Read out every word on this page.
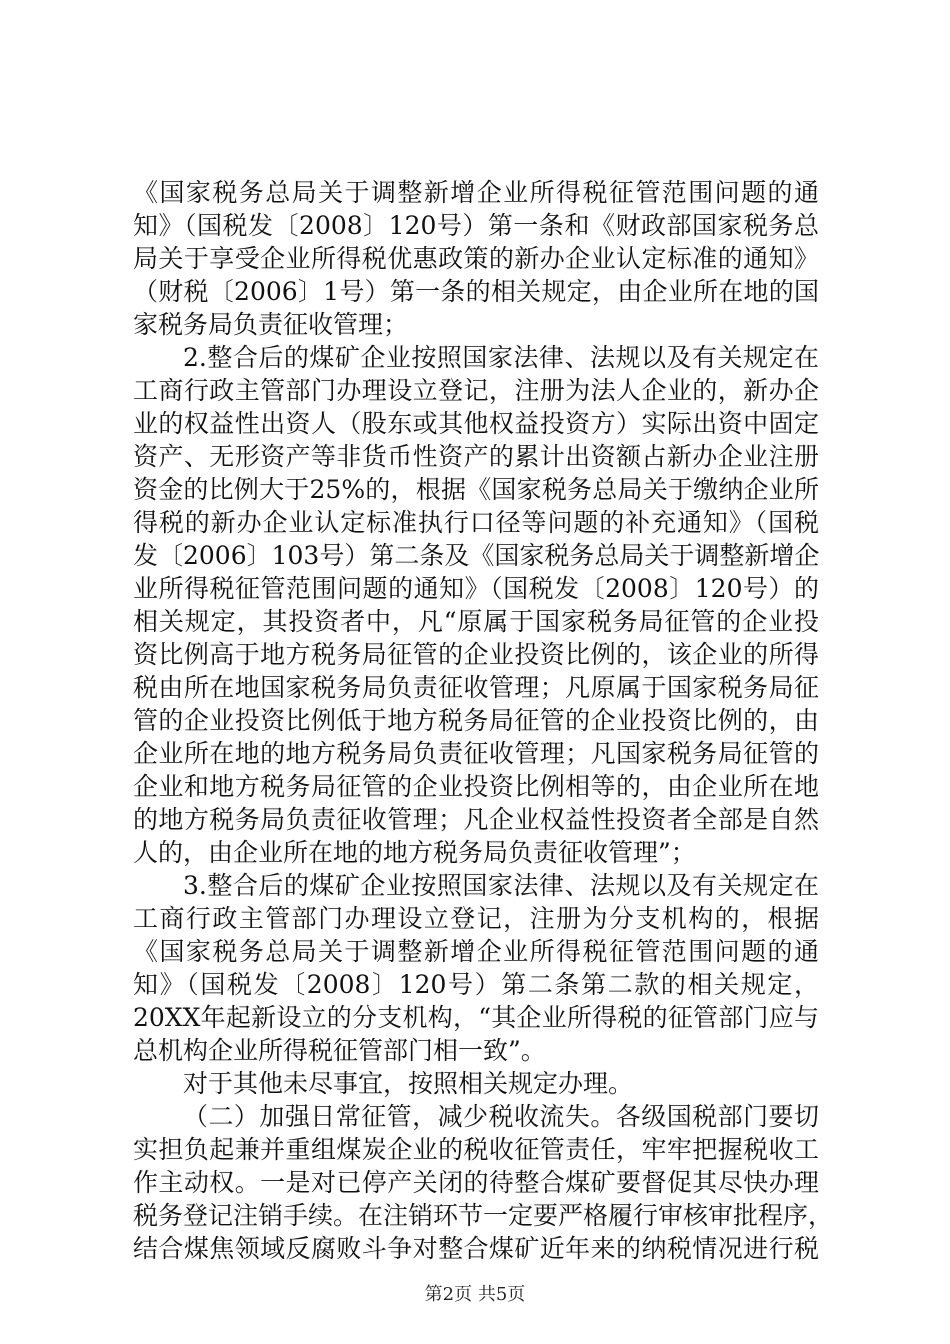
《国家税务总局关于调整新增企业所得税征管范围问题的通
知》（国税发〔2008〕120号）第一条和《财政部国家税务总
局关于享受企业所得税优惠政策的新办企业认定标准的通知》
（财税〔2006〕1号）第一条的相关规定，由企业所在地的国
家税务局负责征收管理；
2.整合后的煤矿企业按照国家法律、法规以及有关规定在
工商行政主管部门办理设立登记，注册为法人企业的，新办企
业的权益性出资人（股东或其他权益投资方）实际出资中固定
资产、无形资产等非货币性资产的累计出资额占新办企业注册
资金的比例大于25%的，根据《国家税务总局关于缴纳企业所
得税的新办企业认定标准执行口径等问题的补充通知》（国税
发〔2006〕103号）第二条及《国家税务总局关于调整新增企
业所得税征管范围问题的通知》（国税发〔2008〕120号）的
相关规定，其投资者中，凡“原属于国家税务局征管的企业投
资比例高于地方税务局征管的企业投资比例的，该企业的所得
税由所在地国家税务局负责征收管理；凡原属于国家税务局征
管的企业投资比例低于地方税务局征管的企业投资比例的，由
企业所在地的地方税务局负责征收管理；凡国家税务局征管的
企业和地方税务局征管的企业投资比例相等的，由企业所在地
的地方税务局负责征收管理；凡企业权益性投资者全部是自然
人的，由企业所在地的地方税务局负责征收管理”；
3.整合后的煤矿企业按照国家法律、法规以及有关规定在
工商行政主管部门办理设立登记，注册为分支机构的，根据
《国家税务总局关于调整新增企业所得税征管范围问题的通
知》（国税发〔2008〕120号）第二条第二款的相关规定，
20XX年起新设立的分支机构，“其企业所得税的征管部门应与
总机构企业所得税征管部门相一致”。
对于其他未尽事宜，按照相关规定办理。
（二）加强日常征管，减少税收流失。各级国税部门要切
实担负起兼并重组煤炭企业的税收征管责任，牢牢把握税收工
作主动权。一是对已停产关闭的待整合煤矿要督促其尽快办理
税务登记注销手续。在注销环节一定要严格履行审核审批程序，
结合煤焦领域反腐败斗争对整合煤矿近年来的纳税情况进行税
第2页 共5页
